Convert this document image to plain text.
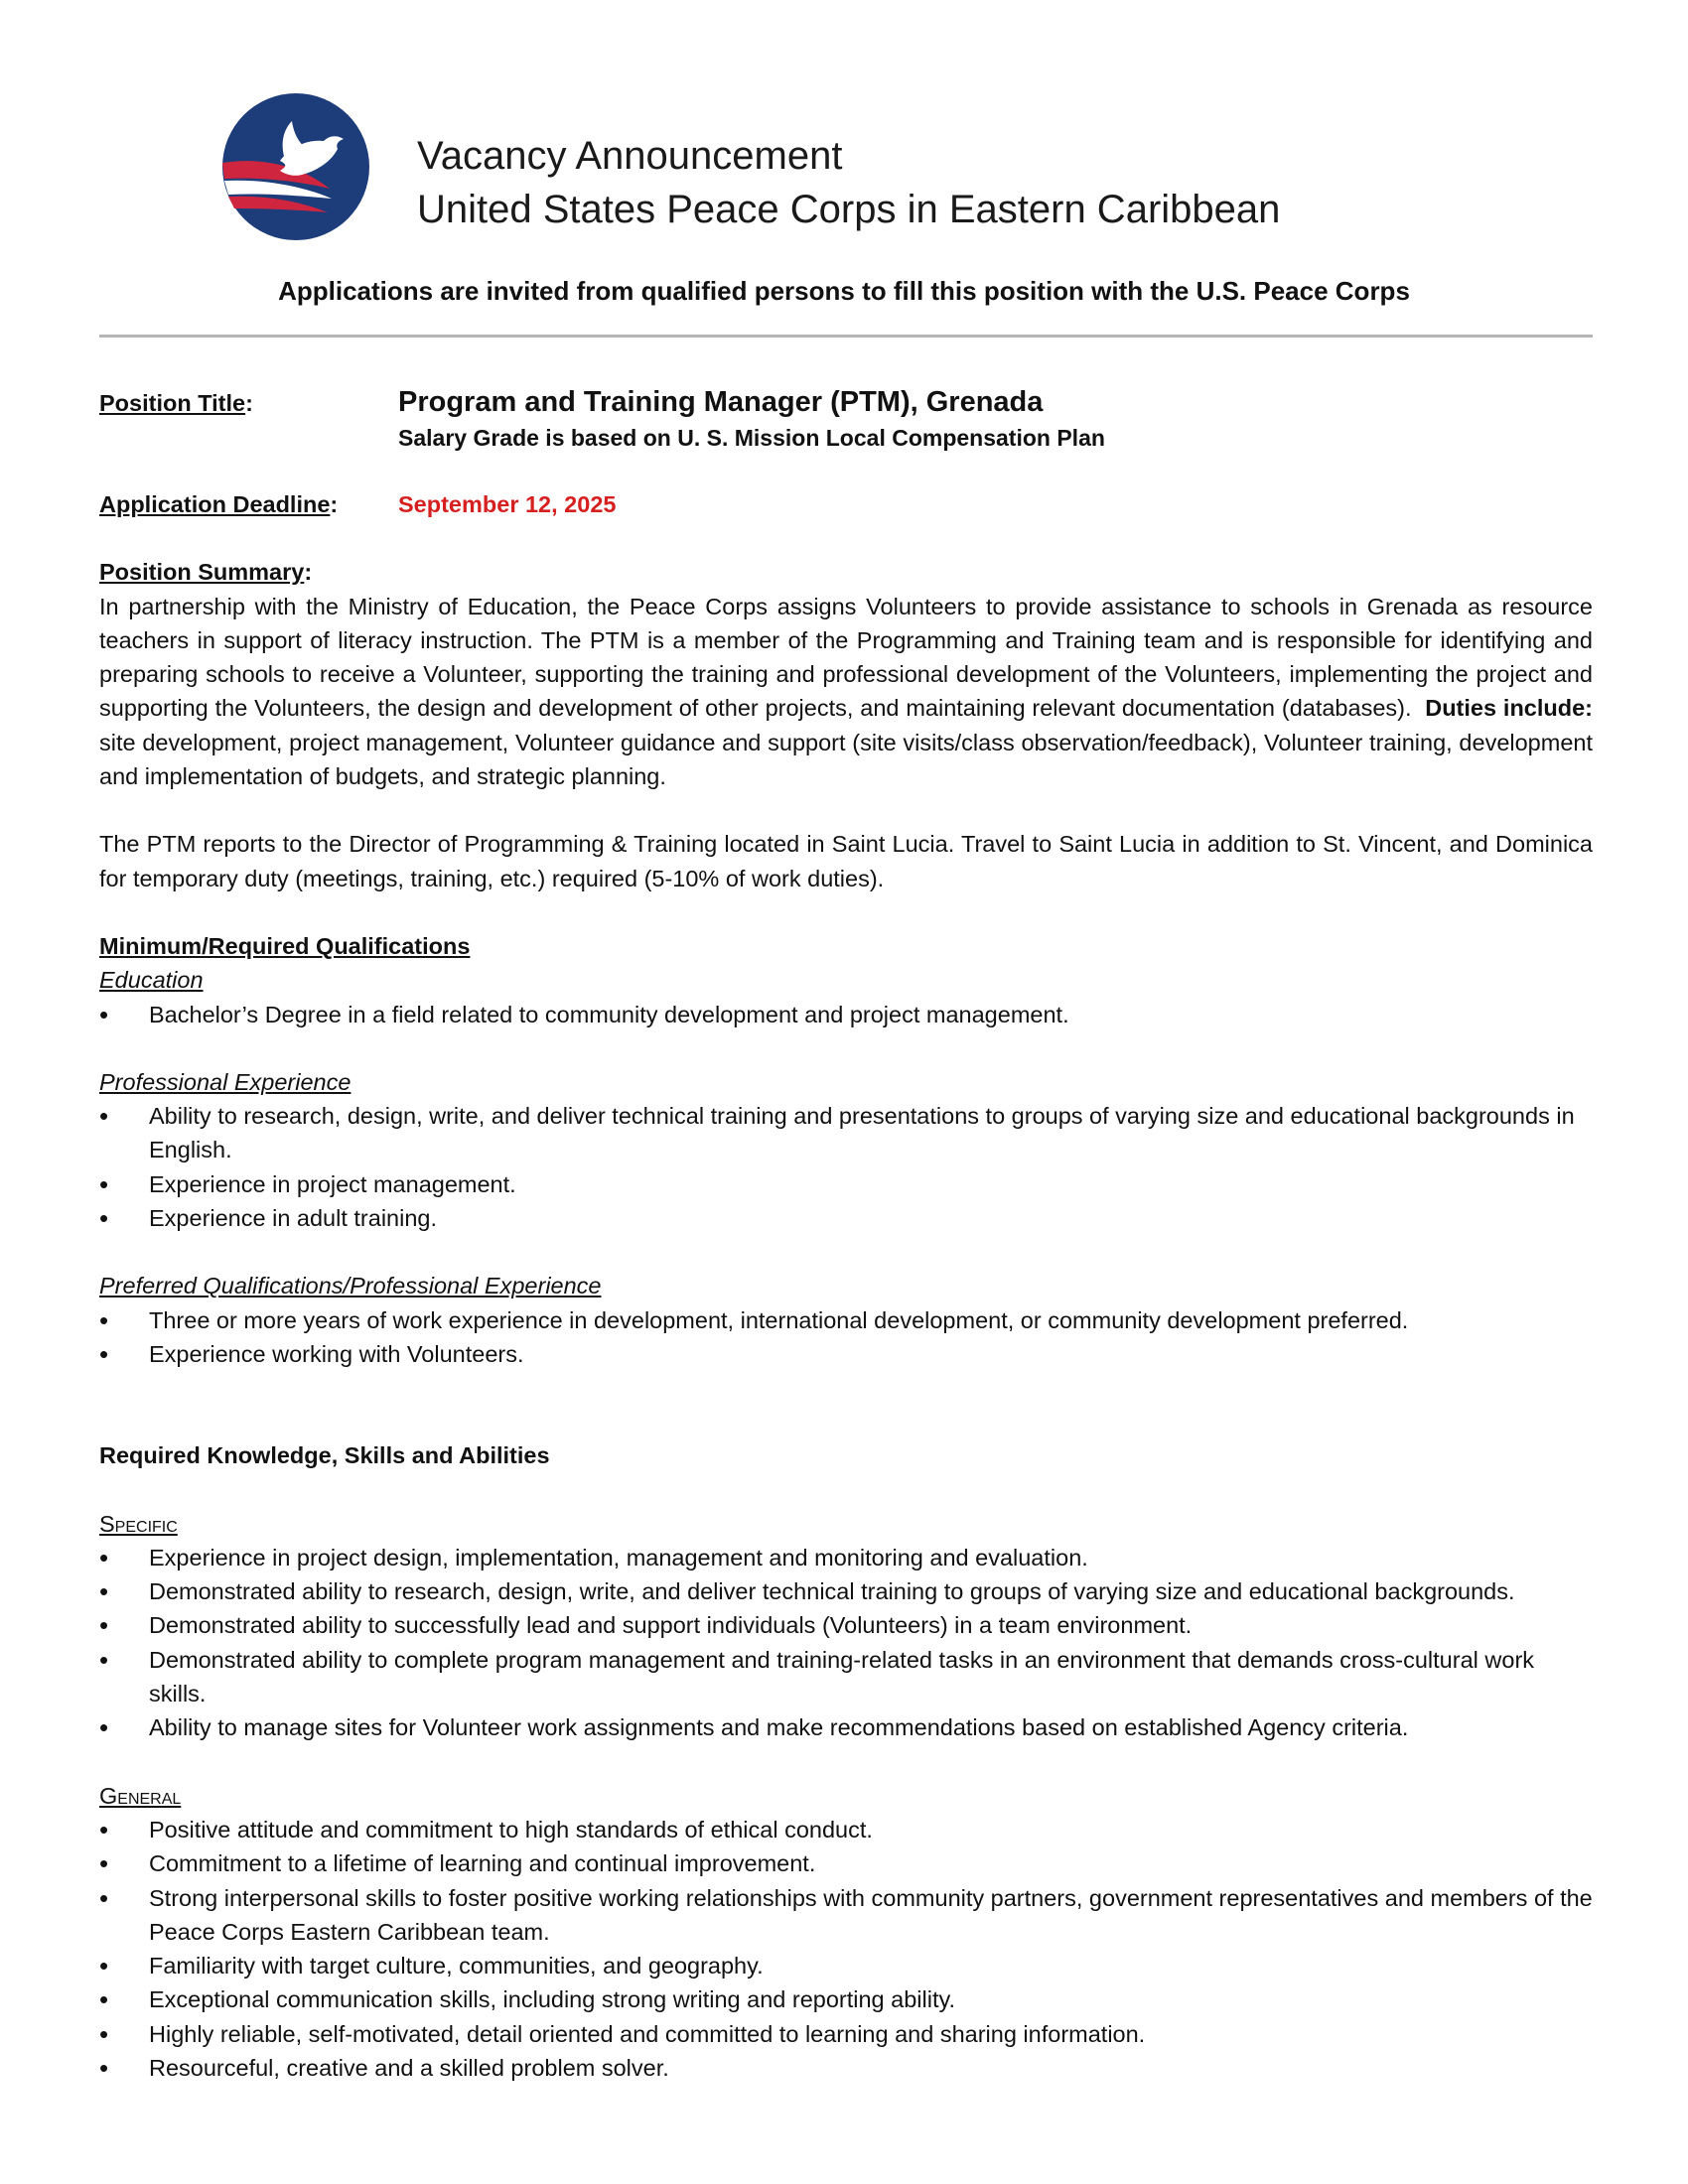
Vacancy Announcement
United States Peace Corps in Eastern Caribbean
Applications are invited from qualified persons to fill this position with the U.S. Peace Corps
Position Title:	Program and Training Manager (PTM), Grenada
Salary Grade is based on U. S. Mission Local Compensation Plan
Application Deadline:	September 12, 2025
Position Summary:

In partnership with the Ministry of Education, the Peace Corps assigns Volunteers to provide assistance to schools in Grenada as resource teachers in support of literacy instruction. The PTM is a member of the Programming and Training team and is responsible for identifying and preparing schools to receive a Volunteer, supporting the training and professional development of the Volunteers, implementing the project and supporting the Volunteers, the design and development of other projects, and maintaining relevant documentation (databases). Duties include: site development, project management, Volunteer guidance and support (site visits/class observation/feedback), Volunteer training, development and implementation of budgets, and strategic planning.

The PTM reports to the Director of Programming & Training located in Saint Lucia. Travel to Saint Lucia in addition to St. Vincent, and Dominica for temporary duty (meetings, training, etc.) required (5-10% of work duties).

Minimum/Required Qualifications
Education
• Bachelor’s Degree in a field related to community development and project management.
Professional Experience
• Ability to research, design, write, and deliver technical training and presentations to groups of varying size and educational backgrounds in English.
• Experience in project management.
• Experience in adult training.
Preferred Qualifications/Professional Experience
• Three or more years of work experience in development, international development, or community development preferred.
• Experience working with Volunteers.
Required Knowledge, Skills and Abilities
Specific
• Experience in project design, implementation, management and monitoring and evaluation.
• Demonstrated ability to research, design, write, and deliver technical training to groups of varying size and educational backgrounds.
• Demonstrated ability to successfully lead and support individuals (Volunteers) in a team environment.
• Demonstrated ability to complete program management and training-related tasks in an environment that demands cross-cultural work skills.
• Ability to manage sites for Volunteer work assignments and make recommendations based on established Agency criteria.
General
• Positive attitude and commitment to high standards of ethical conduct.
• Commitment to a lifetime of learning and continual improvement.
• Strong interpersonal skills to foster positive working relationships with community partners, government representatives and members of the Peace Corps Eastern Caribbean team.
• Familiarity with target culture, communities, and geography.
• Exceptional communication skills, including strong writing and reporting ability.
• Highly reliable, self-motivated, detail oriented and committed to learning and sharing information.
• Resourceful, creative and a skilled problem solver.
